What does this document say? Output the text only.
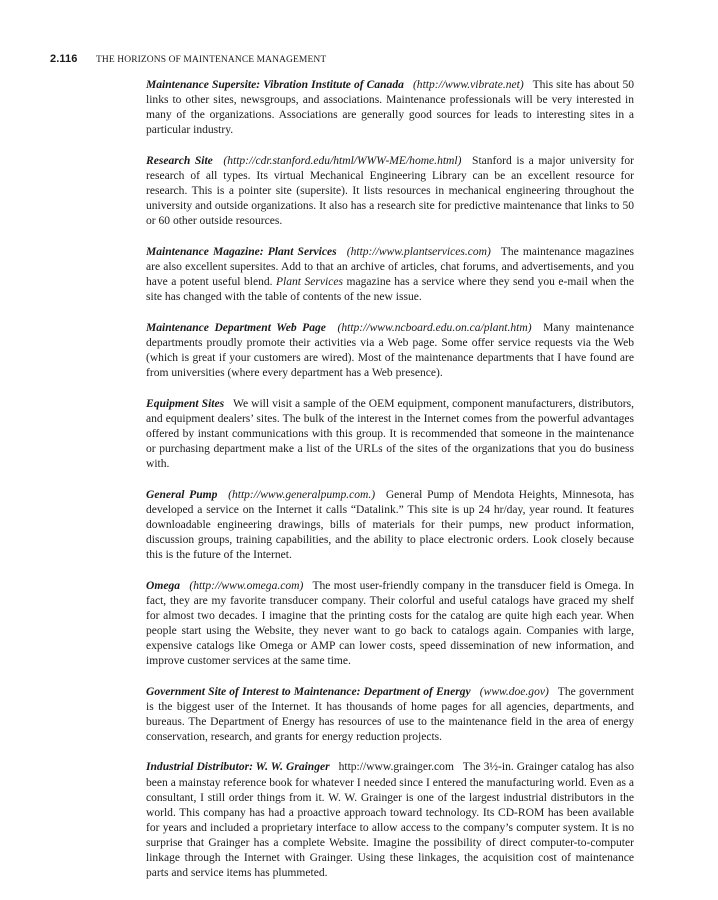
2.116 THE HORIZONS OF MAINTENANCE MANAGEMENT

Maintenance Supersite: Vibration Institute of Canada (http://www.vibrate.net) This site has about 50 links to other sites, newsgroups, and associations. Maintenance professionals will be very interested in many of the organizations. Associations are generally good sources for leads to interesting sites in a particular industry.

Research Site (http://cdr.stanford.edu/html/WWW-ME/home.html) Stanford is a major university for research of all types. Its virtual Mechanical Engineering Library can be an excellent resource for research. This is a pointer site (supersite). It lists resources in mechanical engineering throughout the university and outside organizations. It also has a research site for predictive maintenance that links to 50 or 60 other outside resources.

Maintenance Magazine: Plant Services (http://www.plantservices.com) The maintenance magazines are also excellent supersites. Add to that an archive of articles, chat forums, and advertisements, and you have a potent useful blend. Plant Services magazine has a service where they send you e-mail when the site has changed with the table of contents of the new issue.

Maintenance Department Web Page (http://www.ncboard.edu.on.ca/plant.htm) Many maintenance departments proudly promote their activities via a Web page. Some offer service requests via the Web (which is great if your customers are wired). Most of the maintenance departments that I have found are from universities (where every department has a Web presence).

Equipment Sites We will visit a sample of the OEM equipment, component manufacturers, distributors, and equipment dealers’ sites. The bulk of the interest in the Internet comes from the powerful advantages offered by instant communications with this group. It is recommended that someone in the maintenance or purchasing department make a list of the URLs of the sites of the organizations that you do business with.

General Pump (http://www.generalpump.com.) General Pump of Mendota Heights, Minnesota, has developed a service on the Internet it calls “Datalink.” This site is up 24 hr/day, year round. It features downloadable engineering drawings, bills of materials for their pumps, new product information, discussion groups, training capabilities, and the ability to place electronic orders. Look closely because this is the future of the Internet.

Omega (http://www.omega.com) The most user-friendly company in the transducer field is Omega. In fact, they are my favorite transducer company. Their colorful and useful catalogs have graced my shelf for almost two decades. I imagine that the printing costs for the catalog are quite high each year. When people start using the Website, they never want to go back to catalogs again. Companies with large, expensive catalogs like Omega or AMP can lower costs, speed dissemination of new information, and improve customer services at the same time.

Government Site of Interest to Maintenance: Department of Energy (www.doe.gov) The government is the biggest user of the Internet. It has thousands of home pages for all agencies, departments, and bureaus. The Department of Energy has resources of use to the maintenance field in the area of energy conservation, research, and grants for energy reduction projects.

Industrial Distributor: W. W. Grainger http://www.grainger.com The 3½-in. Grainger catalog has also been a mainstay reference book for whatever I needed since I entered the manufacturing world. Even as a consultant, I still order things from it. W. W. Grainger is one of the largest industrial distributors in the world. This company has had a proactive approach toward technology. Its CD-ROM has been available for years and included a proprietary interface to allow access to the company’s computer system. It is no surprise that Grainger has a complete Website. Imagine the possibility of direct computer-to-computer linkage through the Internet with Grainger. Using these linkages, the acquisition cost of maintenance parts and service items has plummeted.
